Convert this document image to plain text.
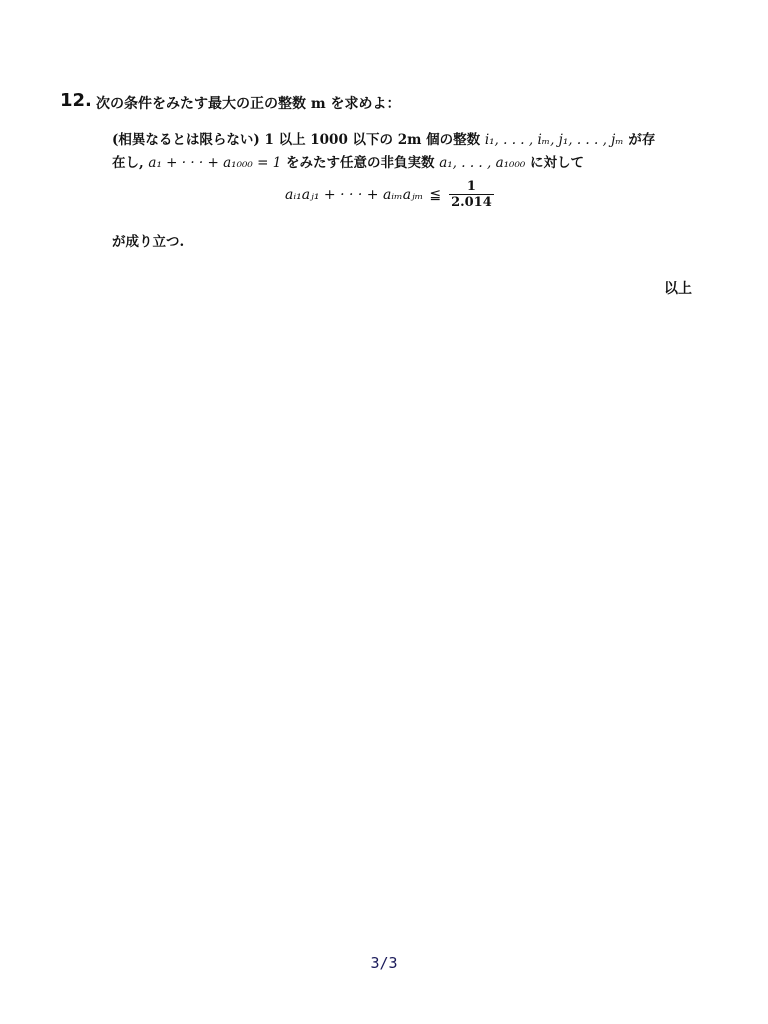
12. 次の条件をみたす最大の正の整数 m を求めよ：
(相異なるとは限らない) 1 以上 1000 以下の 2m 個の整数 i₁, . . . , iₘ, j₁, . . . , jₘ が存
在し, a₁ + · · · + a₁₀₀₀ = 1 をみたす任意の非負実数 a₁, . . . , a₁₀₀₀ に対して
aᵢ₁aⱼ₁ + · · · + aᵢₘaⱼₘ ≦ $\frac{1}{2.014}$
が成り立つ.
以上
3/3
